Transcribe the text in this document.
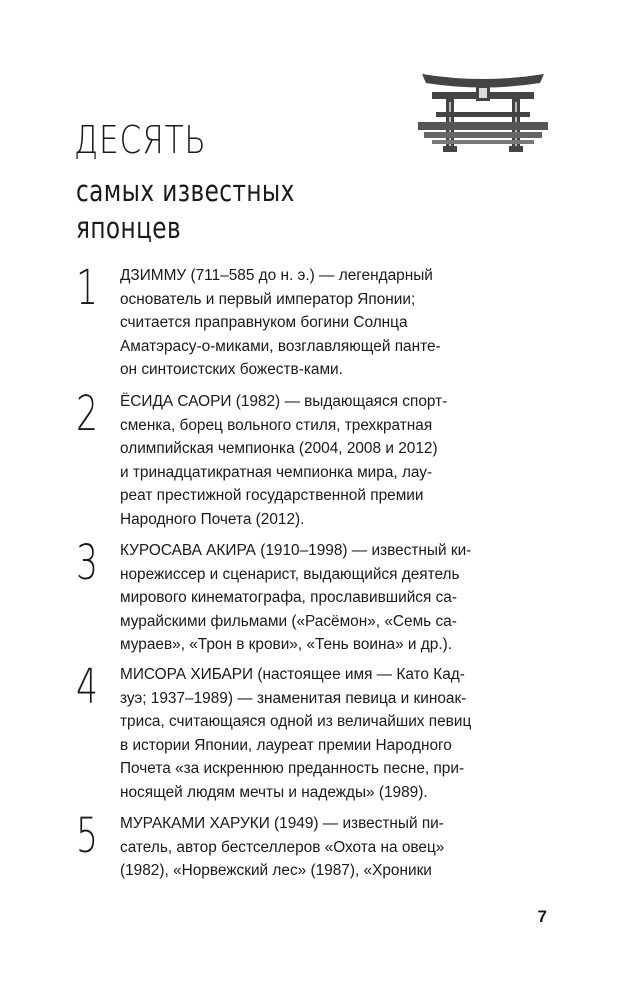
ДЕСЯТЬ
самых известных
японцев
1 ДЗИММУ (711–585 до н. э.) — легендарный
основатель и первый император Японии;
считается праправнуком богини Солнца
Аматэрасу-о-миками, возглавляющей панте-
он синтоистских божеств-ками.
2 ЁСИДА САОРИ (1982) — выдающаяся спорт-
сменка, борец вольного стиля, трехкратная
олимпийская чемпионка (2004, 2008 и 2012)
и тринадцатикратная чемпионка мира, лау-
реат престижной государственной премии
Народного Почета (2012).
3 КУРОСАВА АКИРА (1910–1998) — известный ки-
норежиссер и сценарист, выдающийся деятель
мирового кинематографа, прославившийся са-
мурайскими фильмами («Расёмон», «Семь са-
мураев», «Трон в крови», «Тень воина» и др.).
4 МИСОРА ХИБАРИ (настоящее имя — Като Кад-
зуэ; 1937–1989) — знаменитая певица и киноак-
триса, считающаяся одной из величайших певиц
в истории Японии, лауреат премии Народного
Почета «за искреннюю преданность песне, при-
носящей людям мечты и надежды» (1989).
5 МУРАКАМИ ХАРУКИ (1949) — известный пи-
сатель, автор бестселлеров «Охота на овец»
(1982), «Норвежский лес» (1987), «Хроники
7
